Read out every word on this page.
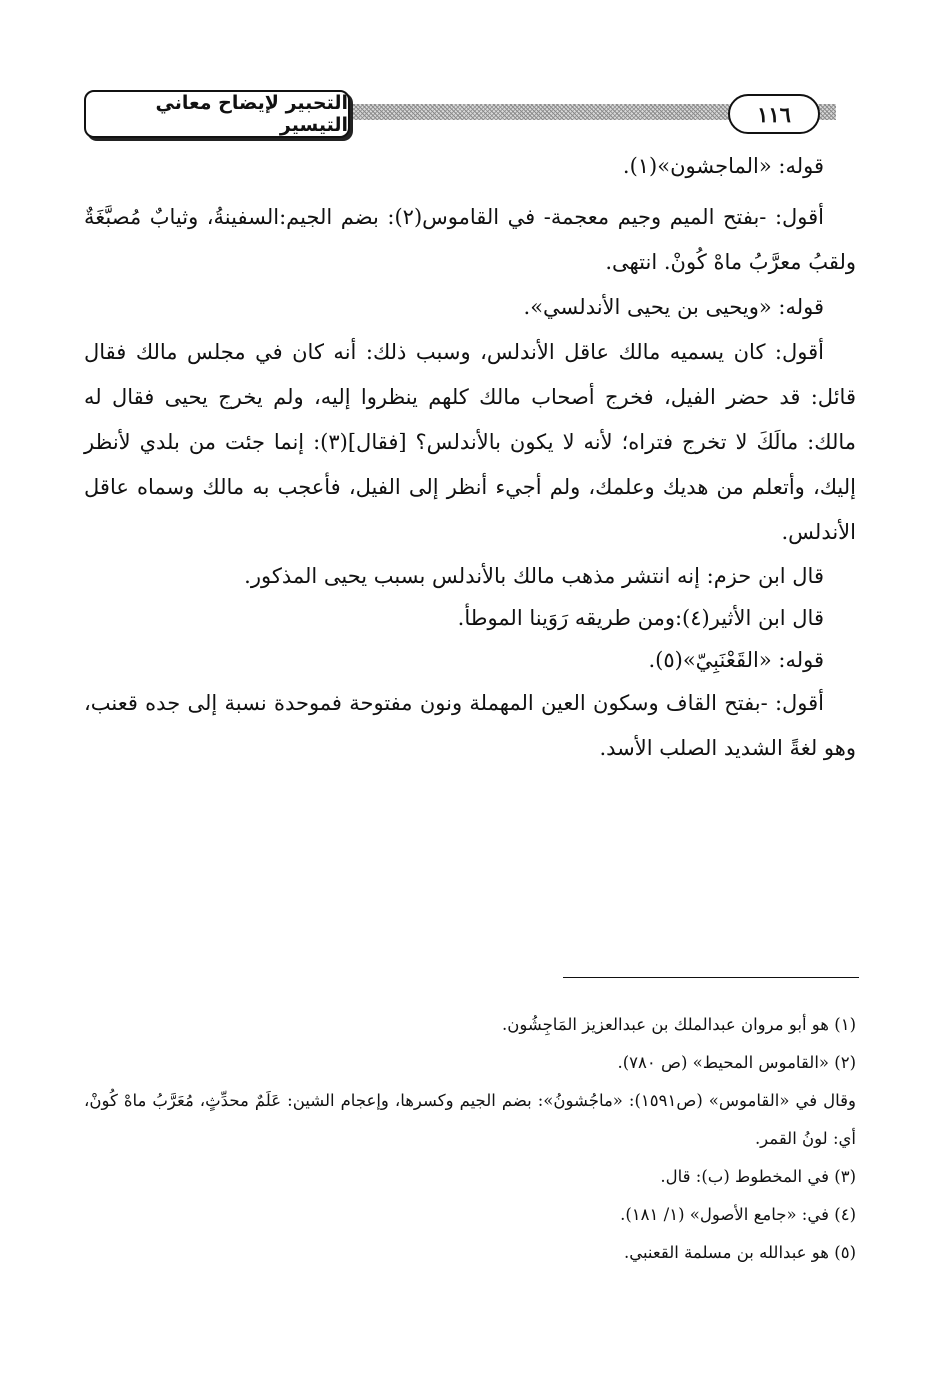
التحبير لإيضاح معاني التيسير	١١٦

قوله: «الماجشون»(١).

أقول: -بفتح الميم وجيم معجمة- في القاموس(٢): بضم الجيم:السفينةُ، وثيابٌ مُصبَّغَةٌ ولقبُ معرَّبُ ماهْ كُونْ. انتهى.

قوله: «ويحيى بن يحيى الأندلسي».

أقول: كان يسميه مالك عاقل الأندلس، وسبب ذلك: أنه كان في مجلس مالك فقال قائل: قد حضر الفيل، فخرج أصحاب مالك كلهم ينظروا إليه، ولم يخرج يحيى فقال له مالك: مالَكَ لا تخرج فتراه؛ لأنه لا يكون بالأندلس؟ [فقال](٣): إنما جئت من بلدي لأنظر إليك، وأتعلم من هديك وعلمك، ولم أجيء أنظر إلى الفيل، فأعجب به مالك وسماه عاقل الأندلس.

قال ابن حزم: إنه انتشر مذهب مالك بالأندلس بسبب يحيى المذكور.

قال ابن الأثير(٤):ومن طريقه رَوَينا الموطأ.

قوله: «القَعْنَبِيّ»(٥).

أقول: -بفتح القاف وسكون العين المهملة ونون مفتوحة فموحدة نسبة إلى جده قعنب، وهو لغةً الشديد الصلب الأسد.

(١) هو أبو مروان عبدالملك بن عبدالعزيز المَاجِشُون.

(٢) «القاموس المحيط» (ص ٧٨٠).

وقال في «القاموس» (ص١٥٩١): «ماجُشونُ»: بضم الجيم وكسرها، وإعجام الشين: عَلَمٌ محدِّثٍ، مُعَرَّبُ ماهْ كُونْ، أي: لونُ القمر.

(٣) في المخطوط (ب): قال.

(٤) في: «جامع الأصول» (١/ ١٨١).

(٥) هو عبدالله بن مسلمة القعنبي.
